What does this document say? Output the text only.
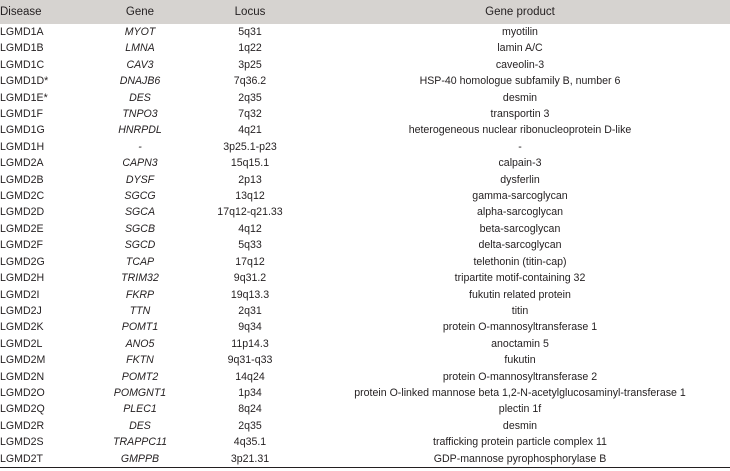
Disease	Gene	Locus	Gene product
LGMD1A	MYOT	5q31	myotilin
LGMD1B	LMNA	1q22	lamin A/C
LGMD1C	CAV3	3p25	caveolin-3
LGMD1D*	DNAJB6	7q36.2	HSP-40 homologue subfamily B, number 6
LGMD1E*	DES	2q35	desmin
LGMD1F	TNPO3	7q32	transportin 3
LGMD1G	HNRPDL	4q21	heterogeneous nuclear ribonucleoprotein D-like
LGMD1H	-	3p25.1-p23	-
LGMD2A	CAPN3	15q15.1	calpain-3
LGMD2B	DYSF	2p13	dysferlin
LGMD2C	SGCG	13q12	gamma-sarcoglycan
LGMD2D	SGCA	17q12-q21.33	alpha-sarcoglycan
LGMD2E	SGCB	4q12	beta-sarcoglycan
LGMD2F	SGCD	5q33	delta-sarcoglycan
LGMD2G	TCAP	17q12	telethonin (titin-cap)
LGMD2H	TRIM32	9q31.2	tripartite motif-containing 32
LGMD2I	FKRP	19q13.3	fukutin related protein
LGMD2J	TTN	2q31	titin
LGMD2K	POMT1	9q34	protein O-mannosyltransferase 1
LGMD2L	ANO5	11p14.3	anoctamin 5
LGMD2M	FKTN	9q31-q33	fukutin
LGMD2N	POMT2	14q24	protein O-mannosyltransferase 2
LGMD2O	POMGNT1	1p34	protein O-linked mannose beta 1,2-N-acetylglucosaminyl-transferase 1
LGMD2Q	PLEC1	8q24	plectin 1f
LGMD2R	DES	2q35	desmin
LGMD2S	TRAPPC11	4q35.1	trafficking protein particle complex 11
LGMD2T	GMPPB	3p21.31	GDP-mannose pyrophosphorylase B
